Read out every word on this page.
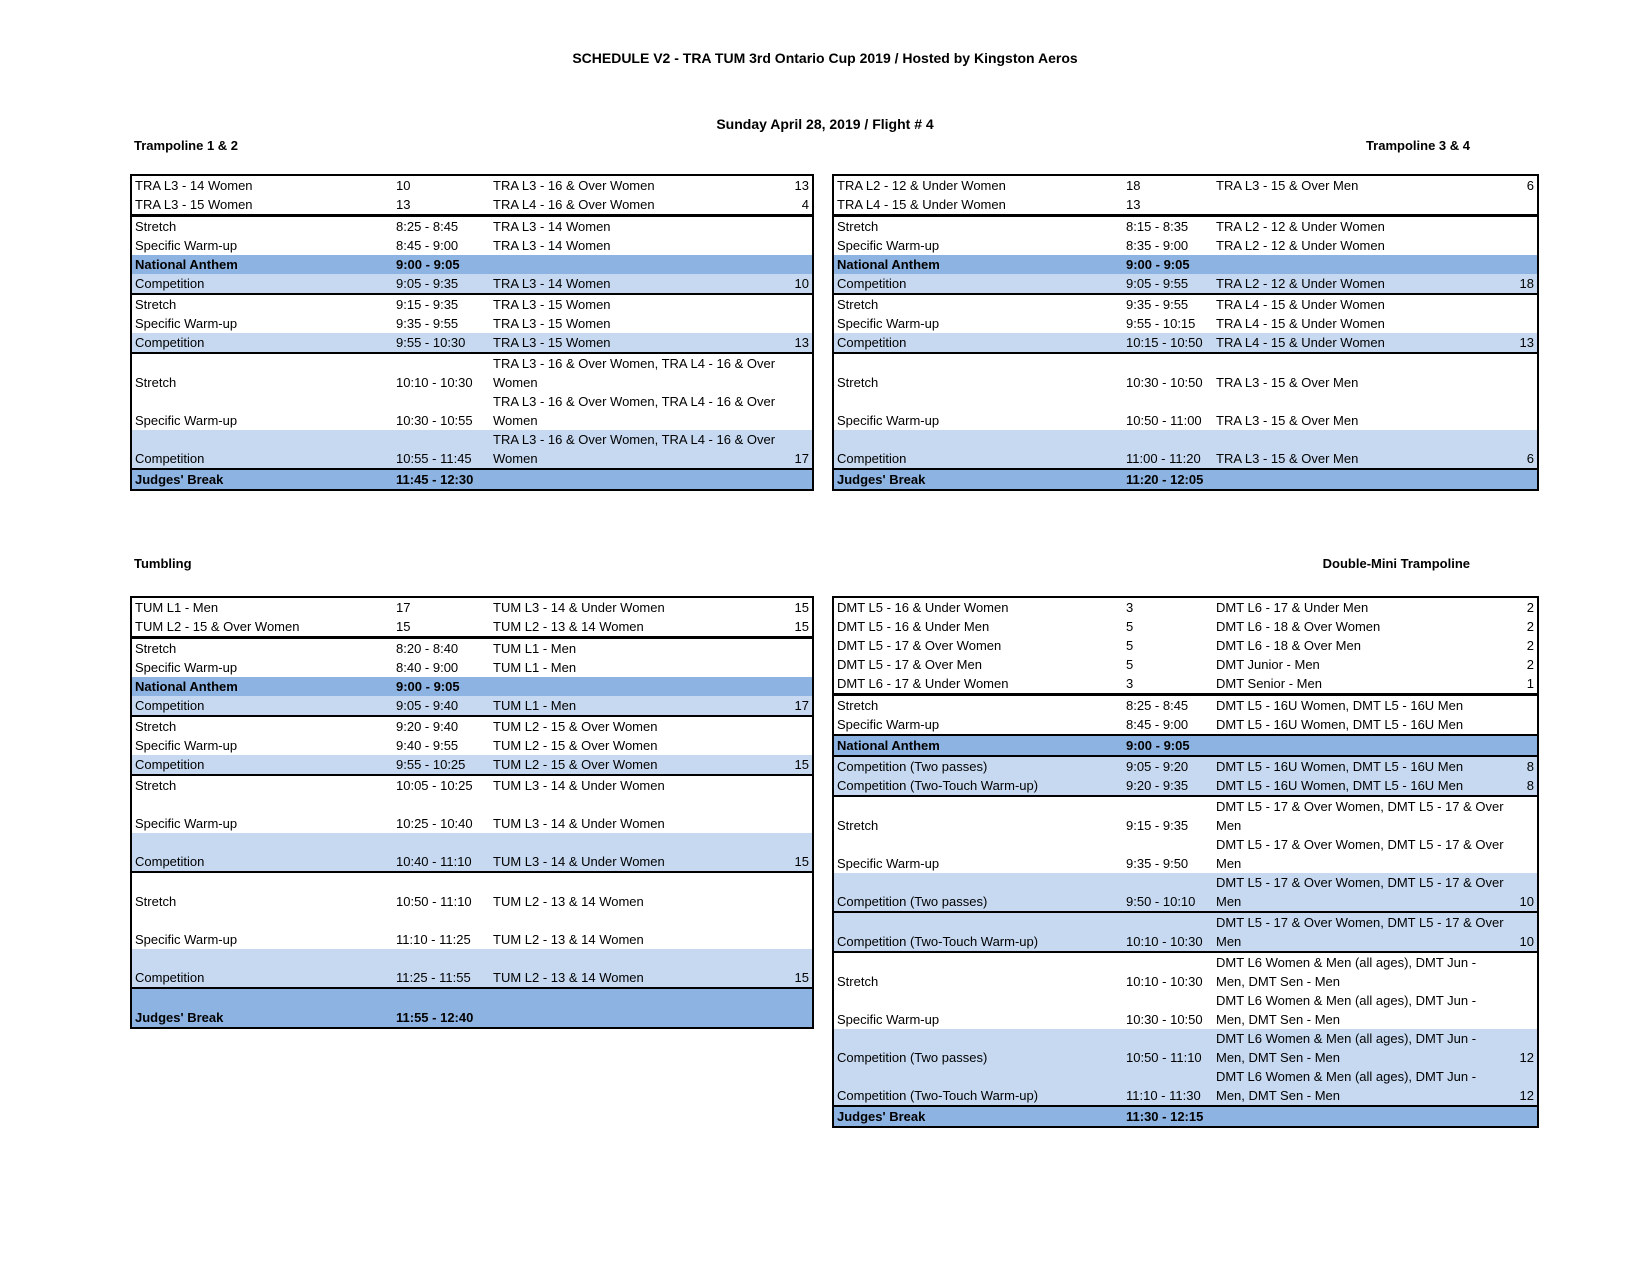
SCHEDULE V2 - TRA TUM 3rd Ontario Cup 2019 / Hosted by Kingston Aeros
Sunday April 28, 2019 / Flight # 4
Trampoline 1 & 2	Trampoline 3 & 4
Tumbling	Double-Mini Trampoline
TRA L3 - 14 Women	10	TRA L3 - 16 & Over Women	13
TRA L3 - 15 Women	13	TRA L4 - 16 & Over Women	4
Stretch	8:25 - 8:45	TRA L3 - 14 Women	
Specific Warm-up	8:45 - 9:00	TRA L3 - 14 Women	
National Anthem	9:00 - 9:05		
Competition	9:05 - 9:35	TRA L3 - 14 Women	10
Stretch	9:15 - 9:35	TRA L3 - 15 Women	
Specific Warm-up	9:35 - 9:55	TRA L3 - 15 Women	
Competition	9:55 - 10:30	TRA L3 - 15 Women	13
Stretch	10:10 - 10:30	TRA L3 - 16 & Over Women, TRA L4 - 16 & Over Women	
Specific Warm-up	10:30 - 10:55	TRA L3 - 16 & Over Women, TRA L4 - 16 & Over Women	
Competition	10:55 - 11:45	TRA L3 - 16 & Over Women, TRA L4 - 16 & Over Women	17
Judges' Break	11:45 - 12:30		
TRA L2 - 12 & Under Women	18	TRA L3 - 15 & Over Men	6
TRA L4 - 15 & Under Women	13		
Stretch	8:15 - 8:35	TRA L2 - 12 & Under Women	
Specific Warm-up	8:35 - 9:00	TRA L2 - 12 & Under Women	
National Anthem	9:00 - 9:05		
Competition	9:05 - 9:55	TRA L2 - 12 & Under Women	18
Stretch	9:35 - 9:55	TRA L4 - 15 & Under Women	
Specific Warm-up	9:55 - 10:15	TRA L4 - 15 & Under Women	
Competition	10:15 - 10:50	TRA L4 - 15 & Under Women	13
Stretch	10:30 - 10:50	TRA L3 - 15 & Over Men	
Specific Warm-up	10:50 - 11:00	TRA L3 - 15 & Over Men	
Competition	11:00 - 11:20	TRA L3 - 15 & Over Men	6
Judges' Break	11:20 - 12:05		
TUM L1 - Men	17	TUM L3 - 14 & Under Women	15
TUM L2 - 15 & Over Women	15	TUM L2 - 13 & 14 Women	15
Stretch	8:20 - 8:40	TUM L1 - Men	
Specific Warm-up	8:40 - 9:00	TUM L1 - Men	
National Anthem	9:00 - 9:05		
Competition	9:05 - 9:40	TUM L1 - Men	17
Stretch	9:20 - 9:40	TUM L2 - 15 & Over Women	
Specific Warm-up	9:40 - 9:55	TUM L2 - 15 & Over Women	
Competition	9:55 - 10:25	TUM L2 - 15 & Over Women	15
Stretch	10:05 - 10:25	TUM L3 - 14 & Under Women	
Specific Warm-up	10:25 - 10:40	TUM L3 - 14 & Under Women	
Competition	10:40 - 11:10	TUM L3 - 14 & Under Women	15
Stretch	10:50 - 11:10	TUM L2 - 13 & 14 Women	
Specific Warm-up	11:10 - 11:25	TUM L2 - 13 & 14 Women	
Competition	11:25 - 11:55	TUM L2 - 13 & 14 Women	15
Judges' Break	11:55 - 12:40		
DMT L5 - 16 & Under Women	3	DMT L6 - 17 & Under Men	2
DMT L5 - 16 & Under Men	5	DMT L6 - 18 & Over Women	2
DMT L5 - 17 & Over Women	5	DMT L6 - 18 & Over Men	2
DMT L5 - 17 & Over Men	5	DMT Junior - Men	2
DMT L6 - 17 & Under Women	3	DMT Senior - Men	1
Stretch	8:25 - 8:45	DMT L5 - 16U Women, DMT L5 - 16U Men	
Specific Warm-up	8:45 - 9:00	DMT L5 - 16U Women, DMT L5 - 16U Men	
National Anthem	9:00 - 9:05		
Competition (Two passes)	9:05 - 9:20	DMT L5 - 16U Women, DMT L5 - 16U Men	8
Competition (Two-Touch Warm-up)	9:20 - 9:35	DMT L5 - 16U Women, DMT L5 - 16U Men	8
Stretch	9:15 - 9:35	DMT L5 - 17 & Over Women, DMT L5 - 17 & Over Men	
Specific Warm-up	9:35 - 9:50	DMT L5 - 17 & Over Women, DMT L5 - 17 & Over Men	
Competition (Two passes)	9:50 - 10:10	DMT L5 - 17 & Over Women, DMT L5 - 17 & Over Men	10
Competition (Two-Touch Warm-up)	10:10 - 10:30	DMT L5 - 17 & Over Women, DMT L5 - 17 & Over Men	10
Stretch	10:10 - 10:30	DMT L6 Women & Men (all ages), DMT Jun - Men, DMT Sen - Men	
Specific Warm-up	10:30 - 10:50	DMT L6 Women & Men (all ages), DMT Jun - Men, DMT Sen - Men	
Competition (Two passes)	10:50 - 11:10	DMT L6 Women & Men (all ages), DMT Jun - Men, DMT Sen - Men	12
Competition (Two-Touch Warm-up)	11:10 - 11:30	DMT L6 Women & Men (all ages), DMT Jun - Men, DMT Sen - Men	12
Judges' Break	11:30 - 12:15		
